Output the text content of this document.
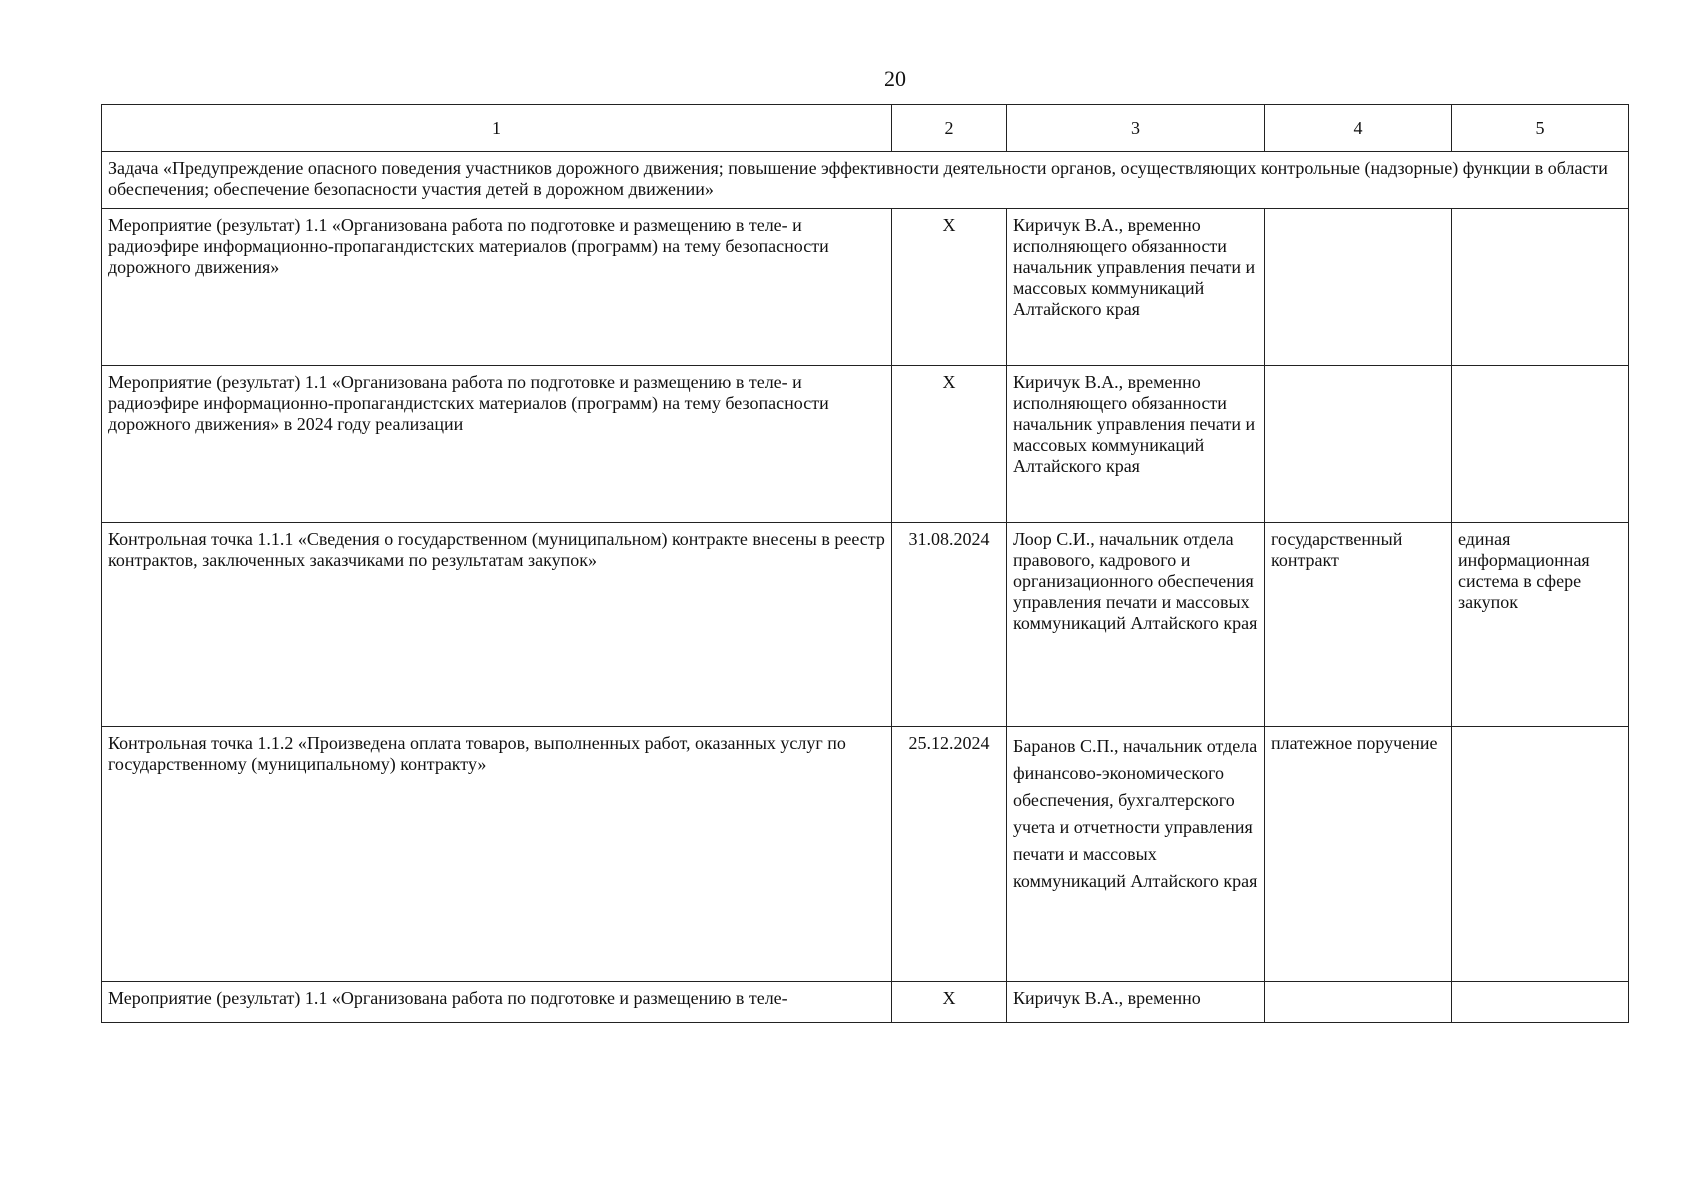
20
1	2	3	4	5
Задача «Предупреждение опасного поведения участников дорожного движения; повышение эффективности деятельности органов, осуществляющих контрольные (надзорные) функции в области обеспечения; обеспечение безопасности участия детей в дорожном движении»				
Мероприятие (результат) 1.1 «Организована работа по подготовке и размещению в теле- и радиоэфире информационно-пропагандистских материалов (программ) на тему безопасности дорожного движения»	X	Киричук В.А., временно исполняющего обязанности начальник управления печати и массовых коммуникаций Алтайского края		
Мероприятие (результат) 1.1 «Организована работа по подготовке и размещению в теле- и радиоэфире информационно-пропагандистских материалов (программ) на тему безопасности дорожного движения» в 2024 году реализации	X	Киричук В.А., временно исполняющего обязанности начальник управления печати и массовых коммуникаций Алтайского края		
Контрольная точка 1.1.1 «Сведения о государственном (муниципальном) контракте внесены в реестр контрактов, заключенных заказчиками по результатам закупок»	31.08.2024	Лоор С.И., начальник отдела правового, кадрового и организационного обеспечения управления печати и массовых коммуникаций Алтайского края	государственный контракт	единая информационная система в сфере закупок
Контрольная точка 1.1.2 «Произведена оплата товаров, выполненных работ, оказанных услуг по государственному (муниципальному) контракту»	25.12.2024	Баранов С.П., начальник отдела финансово-экономического обеспечения, бухгалтерского учета и отчетности управления печати и массовых коммуникаций Алтайского края	платежное поручение	
Мероприятие (результат) 1.1 «Организована работа по подготовке и размещению в теле-	X	Киричук В.А., временно		
